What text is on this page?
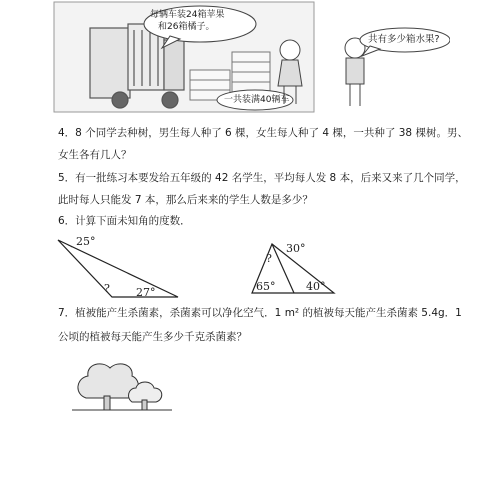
每辆车装24箱苹果
和26箱橘子。
一共装满40辆车
共有多少箱水果?
4．8 个同学去种树，男生每人种了 6 棵，女生每人种了 4 棵，一共种了 38 棵树。男、
女生各有几人？
5．有一批练习本要发给五年级的 42 名学生，平均每人发 8 本，后来又来了几个同学，
此时每人只能发 7 本，那么后来来的学生人数是多少？
6．计算下面未知角的度数．
25°
? 27°
30°
?
65°	40°
7．植被能产生杀菌素，杀菌素可以净化空气．1 m² 的植被每天能产生杀菌素 5.4g．1
公顷的植被每天能产生多少千克杀菌素？
